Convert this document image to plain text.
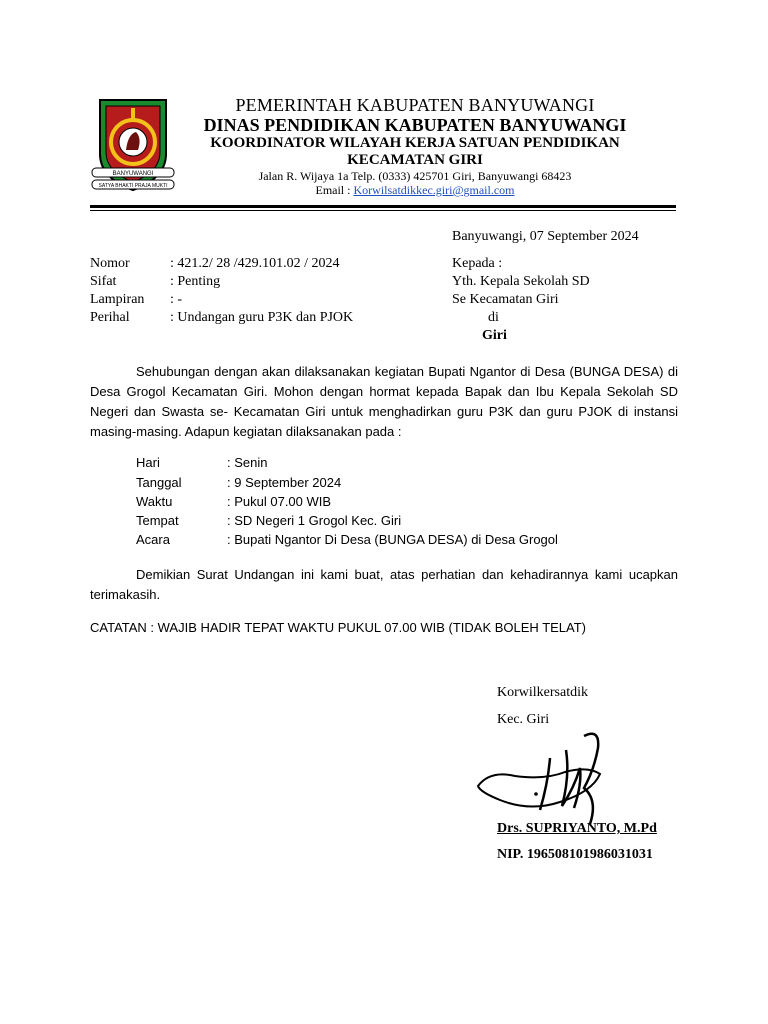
BANYUWANGI
SATYA BHAKTI PRAJA MUKTI
PEMERINTAH KABUPATEN BANYUWANGI
DINAS PENDIDIKAN KABUPATEN BANYUWANGI
KOORDINATOR WILAYAH KERJA SATUAN PENDIDIKAN
KECAMATAN GIRI
Jalan R. Wijaya 1a Telp. (0333) 425701 Giri, Banyuwangi 68423
Email : Korwilsatdikkec.giri@gmail.com
Banyuwangi, 07 September 2024
Nomor	: 421.2/ 28 /429.101.02 / 2024
Sifat	: Penting
Lampiran : -
Perihal	: Undangan guru P3K dan PJOK
Kepada :
Yth. Kepala Sekolah SD
Se Kecamatan Giri
di
Giri
Sehubungan dengan akan dilaksanakan kegiatan Bupati Ngantor di Desa (BUNGA DESA) di Desa Grogol Kecamatan Giri. Mohon dengan hormat kepada Bapak dan Ibu Kepala Sekolah SD Negeri dan Swasta se- Kecamatan Giri untuk menghadirkan guru P3K dan guru PJOK di instansi masing-masing. Adapun kegiatan dilaksanakan pada :
Hari	: Senin
Tanggal	: 9 September 2024
Waktu	: Pukul 07.00 WIB
Tempat	: SD Negeri 1 Grogol Kec. Giri
Acara	: Bupati Ngantor Di Desa (BUNGA DESA) di Desa Grogol
Demikian Surat Undangan ini kami buat, atas perhatian dan kehadirannya kami ucapkan terimakasih.
CATATAN : WAJIB HADIR TEPAT WAKTU PUKUL 07.00 WIB (TIDAK BOLEH TELAT)
Korwilkersatdik
Kec. Giri
Drs. SUPRIYANTO, M.Pd
NIP. 196508101986031031
